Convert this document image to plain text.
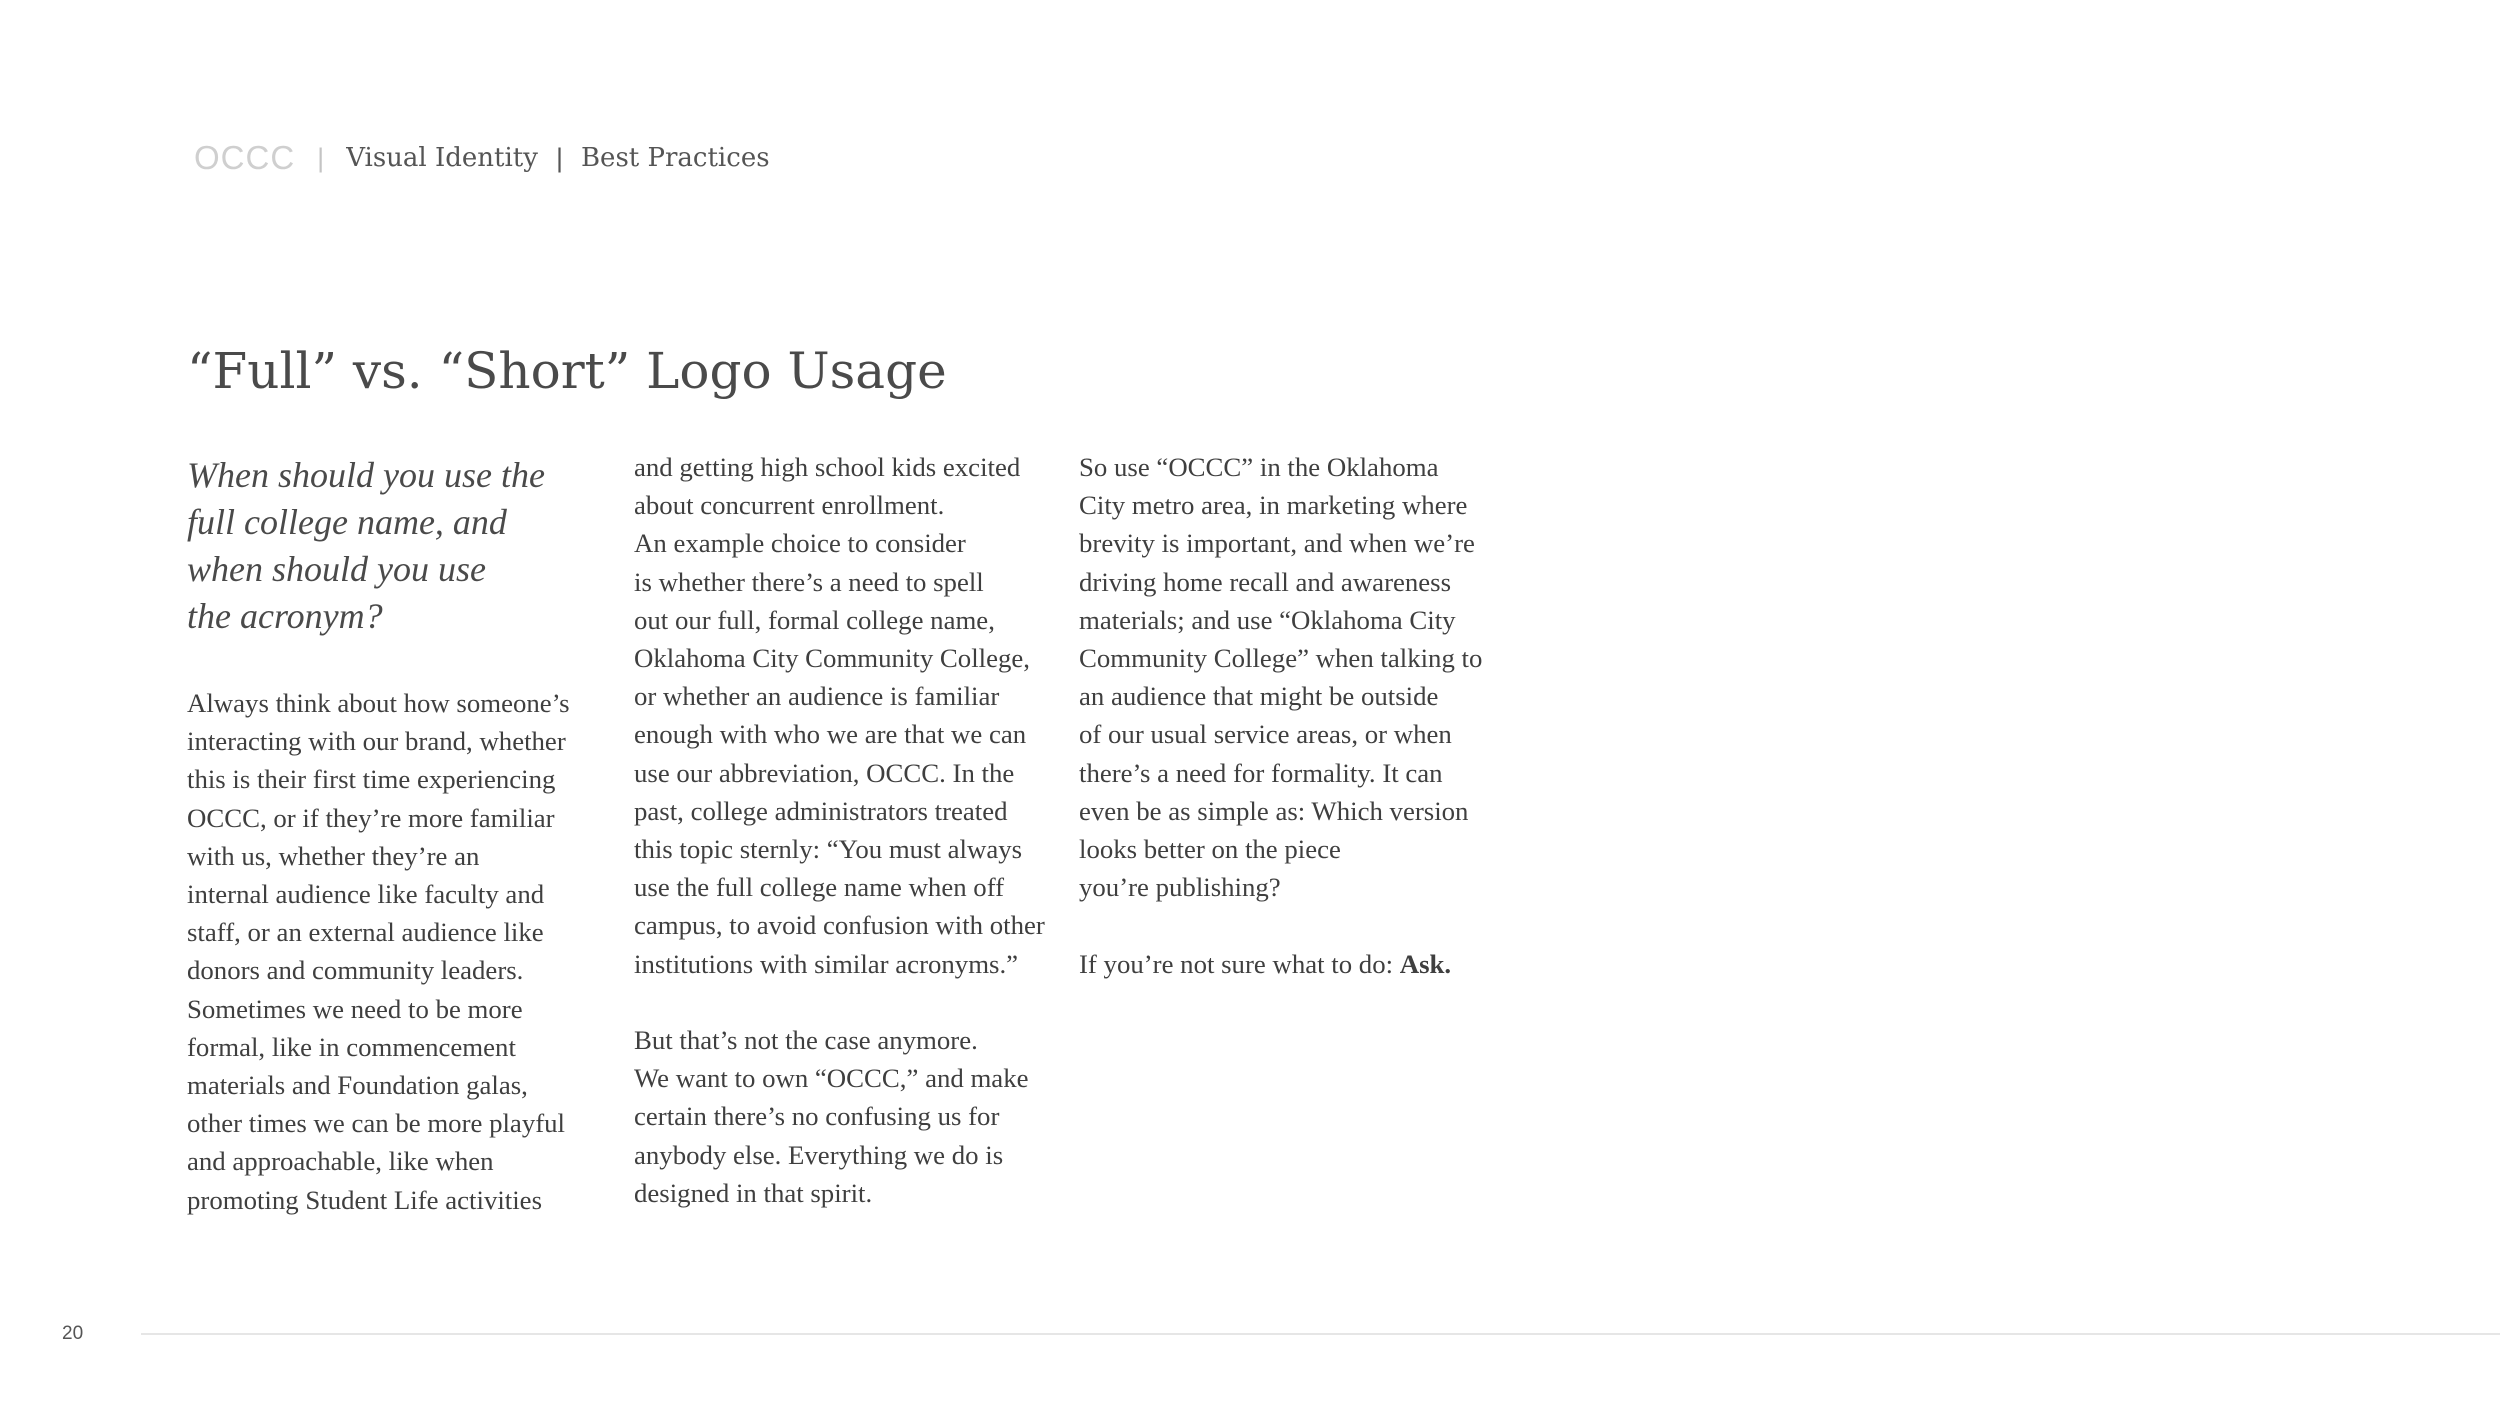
OCCC | Visual Identity | Best Practices
“Full” vs. “Short” Logo Usage

When should you use the

full college name, and

when should you use

the acronym?

Always think about how someone’s

interacting with our brand, whether

this is their first time experiencing

OCCC, or if they’re more familiar

with us, whether they’re an

internal audience like faculty and

staff, or an external audience like

donors and community leaders.

Sometimes we need to be more

formal, like in commencement

materials and Foundation galas,

other times we can be more playful

and approachable, like when

promoting Student Life activities

and getting high school kids excited

about concurrent enrollment.

An example choice to consider

is whether there’s a need to spell

out our full, formal college name,

Oklahoma City Community College,

or whether an audience is familiar

enough with who we are that we can

use our abbreviation, OCCC. In the

past, college administrators treated

this topic sternly: “You must always

use the full college name when off

campus, to avoid confusion with other

institutions with similar acronyms.”

But that’s not the case anymore.

We want to own “OCCC,” and make

certain there’s no confusing us for

anybody else. Everything we do is

designed in that spirit.

So use “OCCC” in the Oklahoma

City metro area, in marketing where

brevity is important, and when we’re

driving home recall and awareness

materials; and use “Oklahoma City

Community College” when talking to

an audience that might be outside

of our usual service areas, or when

there’s a need for formality. It can

even be as simple as: Which version

looks better on the piece

you’re publishing?

If you’re not sure what to do: Ask.

20
